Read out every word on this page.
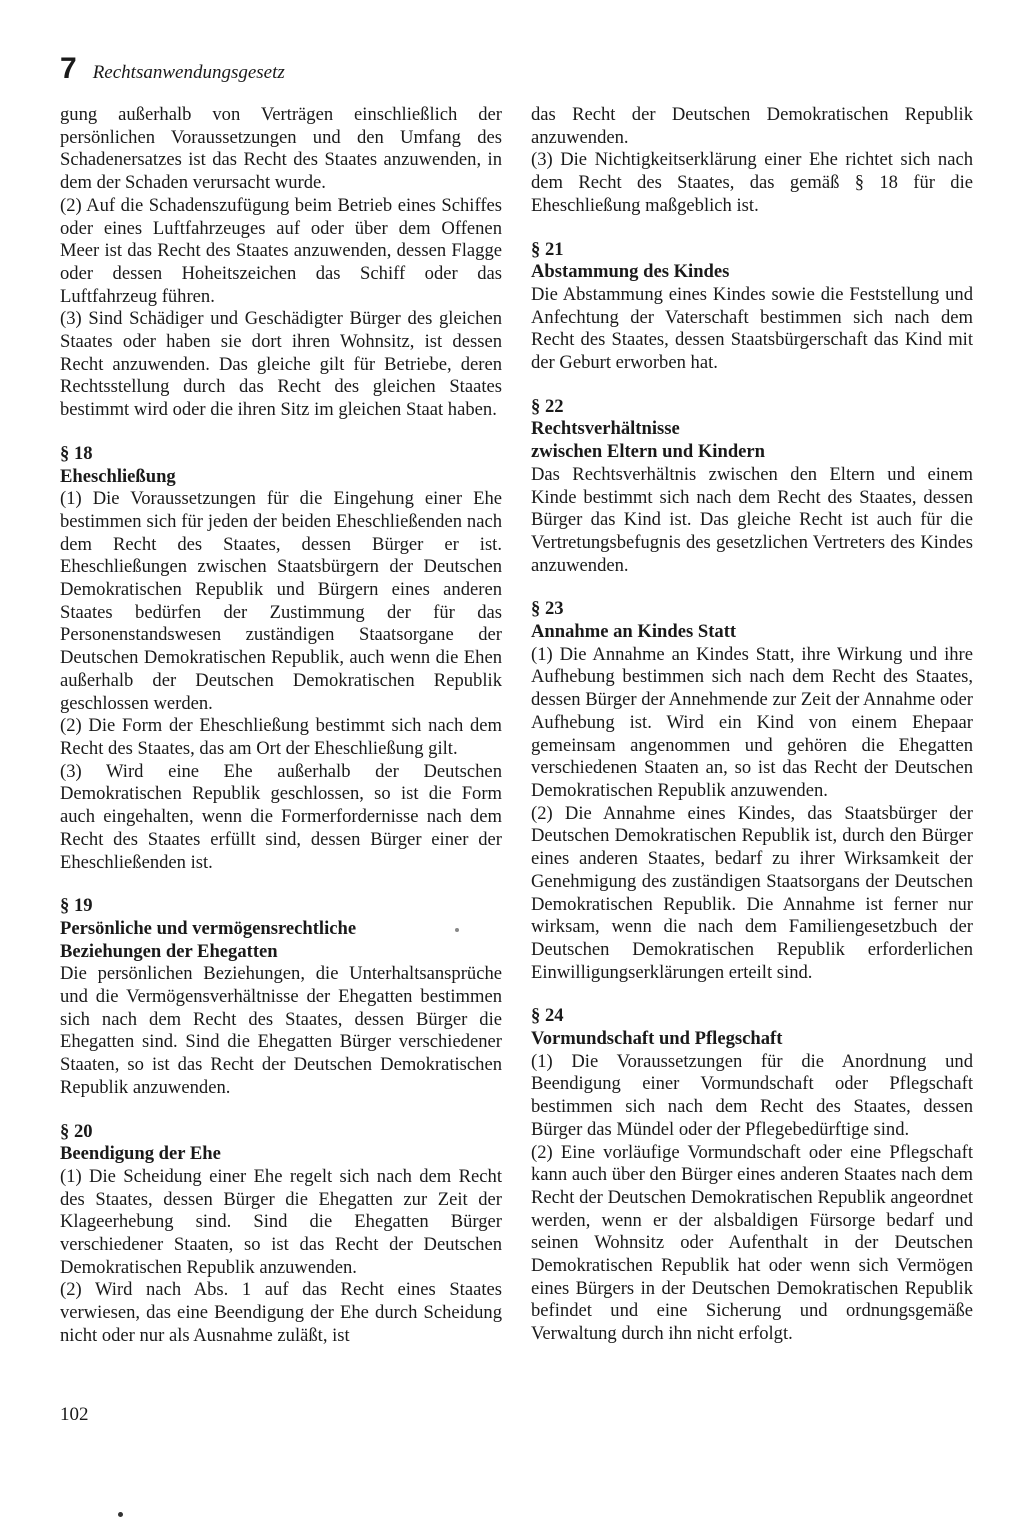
7 Rechtsanwendungsgesetz

gung außerhalb von Verträgen einschließlich der persönlichen Voraussetzungen und den Umfang des Schadenersatzes ist das Recht des Staates anzuwenden, in dem der Schaden verursacht wurde.

(2) Auf die Schadenszufügung beim Betrieb eines Schiffes oder eines Luftfahrzeuges auf oder über dem Offenen Meer ist das Recht des Staates anzuwenden, dessen Flagge oder dessen Hoheitszeichen das Schiff oder das Luftfahrzeug führen.

(3) Sind Schädiger und Geschädigter Bürger des gleichen Staates oder haben sie dort ihren Wohnsitz, ist dessen Recht anzuwenden. Das gleiche gilt für Betriebe, deren Rechtsstellung durch das Recht des gleichen Staates bestimmt wird oder die ihren Sitz im gleichen Staat haben.

§ 18

Eheschließung

(1) Die Voraussetzungen für die Eingehung einer Ehe bestimmen sich für jeden der beiden Eheschließenden nach dem Recht des Staates, dessen Bürger er ist. Eheschließungen zwischen Staatsbürgern der Deutschen Demokratischen Republik und Bürgern eines anderen Staates bedürfen der Zustimmung der für das Personenstandswesen zuständigen Staatsorgane der Deutschen Demokratischen Republik, auch wenn die Ehen außerhalb der Deutschen Demokratischen Republik geschlossen werden.

(2) Die Form der Eheschließung bestimmt sich nach dem Recht des Staates, das am Ort der Eheschließung gilt.

(3) Wird eine Ehe außerhalb der Deutschen Demokratischen Republik geschlossen, so ist die Form auch eingehalten, wenn die Formerfordernisse nach dem Recht des Staates erfüllt sind, dessen Bürger einer der Eheschließenden ist.

§ 19

Persönliche und vermögensrechtliche

Beziehungen der Ehegatten

Die persönlichen Beziehungen, die Unterhaltsansprüche und die Vermögensverhältnisse der Ehegatten bestimmen sich nach dem Recht des Staates, dessen Bürger die Ehegatten sind. Sind die Ehegatten Bürger verschiedener Staaten, so ist das Recht der Deutschen Demokratischen Republik anzuwenden.

§ 20

Beendigung der Ehe

(1) Die Scheidung einer Ehe regelt sich nach dem Recht des Staates, dessen Bürger die Ehegatten zur Zeit der Klageerhebung sind. Sind die Ehegatten Bürger verschiedener Staaten, so ist das Recht der Deutschen Demokratischen Republik anzuwenden.

(2) Wird nach Abs. 1 auf das Recht eines Staates verwiesen, das eine Beendigung der Ehe durch Scheidung nicht oder nur als Ausnahme zuläßt, ist

das Recht der Deutschen Demokratischen Republik anzuwenden.

(3) Die Nichtigkeitserklärung einer Ehe richtet sich nach dem Recht des Staates, das gemäß § 18 für die Eheschließung maßgeblich ist.

§ 21

Abstammung des Kindes

Die Abstammung eines Kindes sowie die Feststellung und Anfechtung der Vaterschaft bestimmen sich nach dem Recht des Staates, dessen Staatsbürgerschaft das Kind mit der Geburt erworben hat.

§ 22

Rechtsverhältnisse

zwischen Eltern und Kindern

Das Rechtsverhältnis zwischen den Eltern und einem Kinde bestimmt sich nach dem Recht des Staates, dessen Bürger das Kind ist. Das gleiche Recht ist auch für die Vertretungsbefugnis des gesetzlichen Vertreters des Kindes anzuwenden.

§ 23

Annahme an Kindes Statt

(1) Die Annahme an Kindes Statt, ihre Wirkung und ihre Aufhebung bestimmen sich nach dem Recht des Staates, dessen Bürger der Annehmende zur Zeit der Annahme oder Aufhebung ist. Wird ein Kind von einem Ehepaar gemeinsam angenommen und gehören die Ehegatten verschiedenen Staaten an, so ist das Recht der Deutschen Demokratischen Republik anzuwenden.

(2) Die Annahme eines Kindes, das Staatsbürger der Deutschen Demokratischen Republik ist, durch den Bürger eines anderen Staates, bedarf zu ihrer Wirksamkeit der Genehmigung des zuständigen Staatsorgans der Deutschen Demokratischen Republik. Die Annahme ist ferner nur wirksam, wenn die nach dem Familiengesetzbuch der Deutschen Demokratischen Republik erforderlichen Einwilligungserklärungen erteilt sind.

§ 24

Vormundschaft und Pflegschaft

(1) Die Voraussetzungen für die Anordnung und Beendigung einer Vormundschaft oder Pflegschaft bestimmen sich nach dem Recht des Staates, dessen Bürger das Mündel oder der Pflegebedürftige sind.

(2) Eine vorläufige Vormundschaft oder eine Pflegschaft kann auch über den Bürger eines anderen Staates nach dem Recht der Deutschen Demokratischen Republik angeordnet werden, wenn er der alsbaldigen Fürsorge bedarf und seinen Wohnsitz oder Aufenthalt in der Deutschen Demokratischen Republik hat oder wenn sich Vermögen eines Bürgers in der Deutschen Demokratischen Republik befindet und eine Sicherung und ordnungsgemäße Verwaltung durch ihn nicht erfolgt.

102
